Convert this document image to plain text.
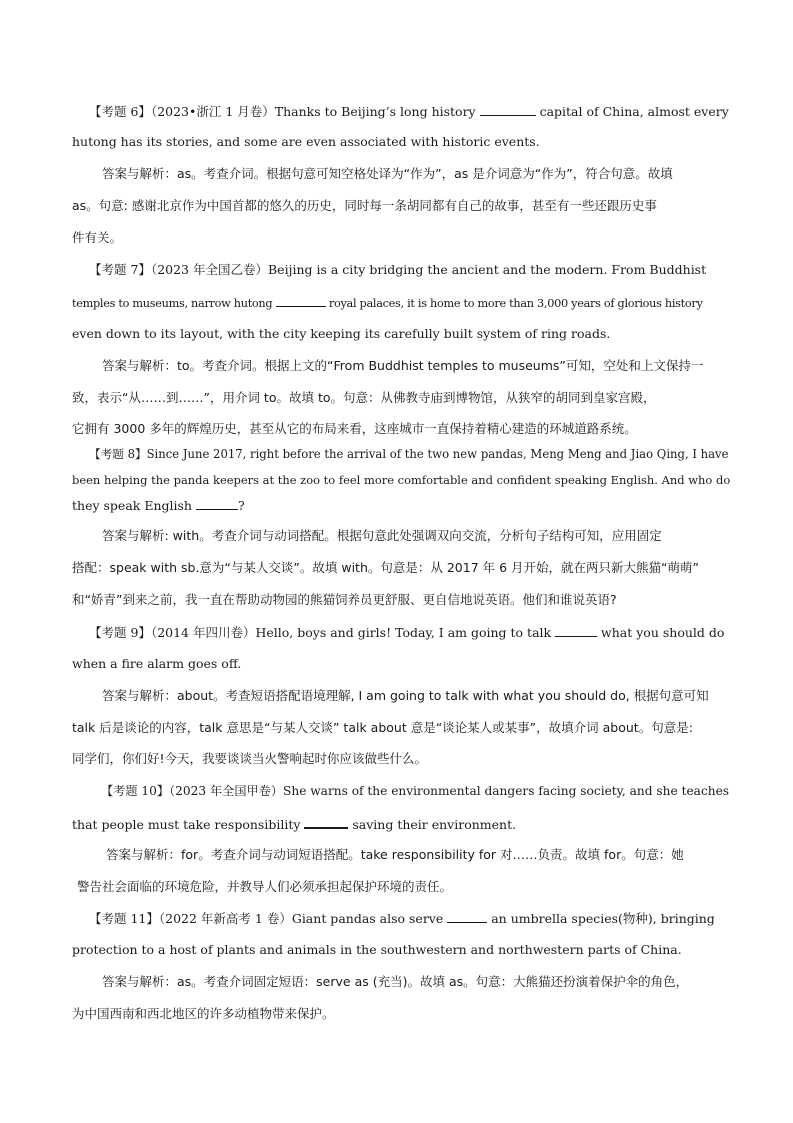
【考题 6】（2023•浙江 1 月卷）Thanks to Beijing’s long history	capital of China, almost every
hutong has its stories, and some are even associated with historic events.
答案与解析：as。考查介词。根据句意可知空格处译为“作为”，as 是介词意为“作为”，符合句意。故填
as。句意: 感谢北京作为中国首都的悠久的历史，同时每一条胡同都有自己的故事，甚至有一些还跟历史事
件有关。
【考题 7】（2023 年全国乙卷）Beijing is a city bridging the ancient and the modern. From Buddhist
temples to museums, narrow hutong	royal palaces, it is home to more than 3,000 years of glorious history
even down to its layout, with the city keeping its carefully built system of ring roads.
答案与解析：to。考查介词。根据上文的“From Buddhist temples to museums”可知，空处和上文保持一
致，表示“从……到……”，用介词 to。故填 to。句意：从佛教寺庙到博物馆，从狭窄的胡同到皇家宫殿，
它拥有 3000 多年的辉煌历史，甚至从它的布局来看，这座城市一直保持着精心建造的环城道路系统。
【考题 8】Since June 2017, right before the arrival of the two new pandas, Meng Meng and Jiao Qing, I have
been helping the panda keepers at the zoo to feel more comfortable and confident speaking English. And who do
they speak English	?
答案与解析: with。考查介词与动词搭配。根据句意此处强调双向交流，分析句子结构可知，应用固定
搭配：speak with sb.意为“与某人交谈”。故填 with。句意是：从 2017 年 6 月开始，就在两只新大熊猫“萌萌”
和“娇青”到来之前，我一直在帮助动物园的熊猫饲养员更舒服、更自信地说英语。他们和谁说英语?
【考题 9】（2014 年四川卷）Hello, boys and girls! Today, I am going to talk	what you should do
when a fire alarm goes off.
答案与解析：about。考查短语搭配语境理解, I am going to talk with what you should do, 根据句意可知
talk 后是谈论的内容，talk 意思是“与某人交谈” talk about 意是“谈论某人或某事”，故填介词 about。句意是:
同学们，你们好!今天，我要谈谈当火警响起时你应该做些什么。
【考题 10】（2023 年全国甲卷）She warns of the environmental dangers facing society, and she teaches
that people must take responsibility	saving their environment.
答案与解析：for。考查介词与动词短语搭配。take responsibility for 对……负责。故填 for。句意：她
警告社会面临的环境危险，并教导人们必须承担起保护环境的责任。
【考题 11】（2022 年新高考 1 卷）Giant pandas also serve	an umbrella species(物种), bringing
protection to a host of plants and animals in the southwestern and northwestern parts of China.
答案与解析：as。考查介词固定短语：serve as (充当)。故填 as。句意：大熊猫还扮演着保护伞的角色，
为中国西南和西北地区的许多动植物带来保护。
